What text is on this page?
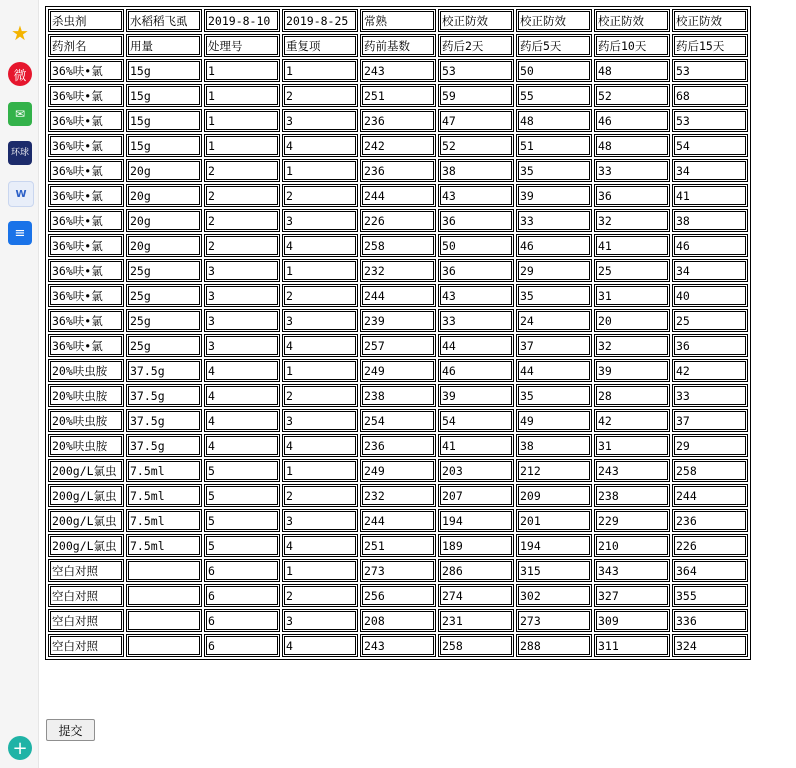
★
微
✉
环球
W
≡
+
杀虫剂	水稻稻飞虱	2019-8-10	2019-8-25	常熟	校正防效	校正防效	校正防效	校正防效

药剂名	用量	处理号	重复项	药前基数	药后2天	药后5天	药后10天	药后15天

36%呋•氯	15g	1	1	243	53	50	48	53

36%呋•氯	15g	1	2	251	59	55	52	68

36%呋•氯	15g	1	3	236	47	48	46	53

36%呋•氯	15g	1	4	242	52	51	48	54

36%呋•氯	20g	2	1	236	38	35	33	34

36%呋•氯	20g	2	2	244	43	39	36	41

36%呋•氯	20g	2	3	226	36	33	32	38

36%呋•氯	20g	2	4	258	50	46	41	46

36%呋•氯	25g	3	1	232	36	29	25	34

36%呋•氯	25g	3	2	244	43	35	31	40

36%呋•氯	25g	3	3	239	33	24	20	25

36%呋•氯	25g	3	4	257	44	37	32	36

20%呋虫胺	37.5g	4	1	249	46	44	39	42

20%呋虫胺	37.5g	4	2	238	39	35	28	33

20%呋虫胺	37.5g	4	3	254	54	49	42	37

20%呋虫胺	37.5g	4	4	236	41	38	31	29

200g/L氯虫	7.5ml	5	1	249	203	212	243	258

200g/L氯虫	7.5ml	5	2	232	207	209	238	244

200g/L氯虫	7.5ml	5	3	244	194	201	229	236

200g/L氯虫	7.5ml	5	4	251	189	194	210	226

空白对照		6	1	273	286	315	343	364

空白对照		6	2	256	274	302	327	355

空白对照		6	3	208	231	273	309	336

空白对照		6	4	243	258	288	311	324
提交
